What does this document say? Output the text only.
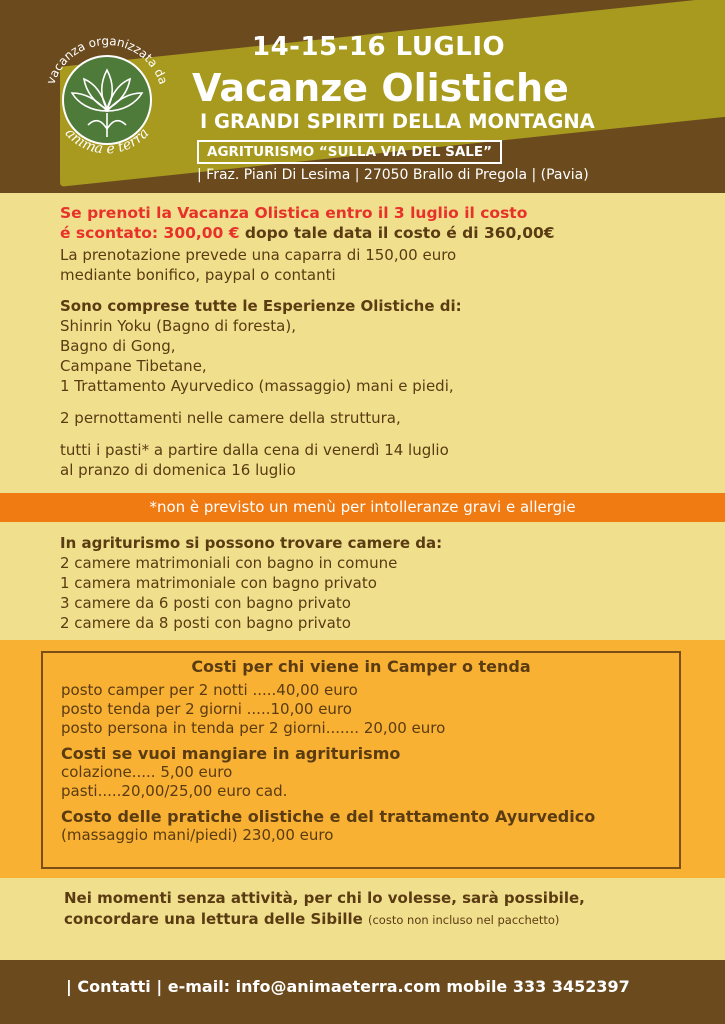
vacanza organizzata da
anima e terra
14-15-16 LUGLIO
Vacanze Olistiche
I GRANDI SPIRITI DELLA MONTAGNA
AGRITURISMO “SULLA VIA DEL SALE”
| Fraz. Piani Di Lesima | 27050 Brallo di Pregola | (Pavia)
Se prenoti la Vacanza Olistica entro il 3 luglio il costo
é scontato: 300,00 € dopo tale data il costo é di 360,00€
La prenotazione prevede una caparra di 150,00 euro
mediante bonifico, paypal o contanti
Sono comprese tutte le Esperienze Olistiche di:
Shinrin Yoku (Bagno di foresta),
Bagno di Gong,
Campane Tibetane,
1 Trattamento Ayurvedico (massaggio) mani e piedi,
2 pernottamenti nelle camere della struttura,
tutti i pasti* a partire dalla cena di venerdì 14 luglio
al pranzo di domenica 16 luglio
*non è previsto un menù per intolleranze gravi e allergie
In agriturismo si possono trovare camere da:
2 camere matrimoniali con bagno in comune
1 camera matrimoniale con bagno privato
3 camere da 6 posti con bagno privato
2 camere da 8 posti con bagno privato
Costi per chi viene in Camper o tenda
posto camper per 2 notti .....40,00 euro
posto tenda per 2 giorni .....10,00 euro
posto persona in tenda per 2 giorni....... 20,00 euro
Costi se vuoi mangiare in agriturismo
colazione..... 5,00 euro
pasti.....20,00/25,00 euro cad.
Costo delle pratiche olistiche e del trattamento Ayurvedico
(massaggio mani/piedi) 230,00 euro
Nei momenti senza attività, per chi lo volesse, sarà possibile,
concordare una lettura delle Sibille (costo non incluso nel pacchetto)
| Contatti | e-mail: info@animaeterra.com mobile 333 3452397
